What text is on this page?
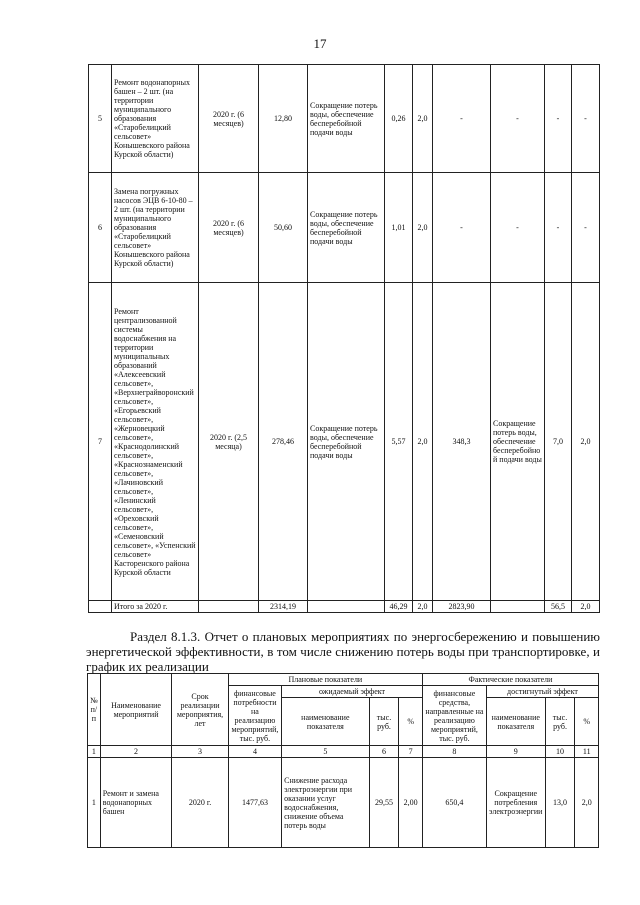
17
5	Ремонт водонапорных башен – 2 шт. (на территории муниципального образования «Старобелицкий сельсовет» Конышевского района Курской области)	2020 г. (6 месяцев)	12,80	Сокращение потерь воды, обеспечение бесперебойной подачи воды	0,26	2,0	-	-	-	-
6	Замена погружных насосов ЭЦВ 6-10-80 – 2 шт. (на территории муниципального образования «Старобелицкий сельсовет» Конышевского района Курской области)	2020 г. (6 месяцев)	50,60	Сокращение потерь воды, обеспечение бесперебойной подачи воды	1,01	2,0	-	-	-	-
7	Ремонт централизованной системы водоснабжения на территории муниципальных образований «Алексеевский сельсовет», «Верхнеграйворонский сельсовет», «Егорьевский сельсовет», «Жерновецкий сельсовет», «Краснодолинский сельсовет», «Краснознаменский сельсовет», «Лачиновский сельсовет», «Ленинский сельсовет», «Ореховский сельсовет», «Семеновский сельсовет», «Успенский сельсовет» Касторенского района Курской области	2020 г. (2,5 месяца)	278,46	Сокращение потерь воды, обеспечение бесперебойной подачи воды	5,57	2,0	348,3	Сокращение потерь воды, обеспечение бесперебойной подачи воды	7,0	2,0
	Итого за 2020 г.		2314,19		46,29	2,0	2823,90		56,5	2,0
Раздел 8.1.3. Отчет о плановых мероприятиях по энергосбережению и повышению энергетической эффективности, в том числе снижению потерь воды при транспортировке, и график их реализации
№ п/п	Наименование мероприятий	Срок реализации мероприятия, лет	Плановые показатели				Фактические показатели			
			финансовые потребности на реализацию мероприятий, тыс. руб.	ожидаемый эффект			финансовые средства, направленные на реализацию мероприятий, тыс. руб.	достигнутый эффект		
				наименование показателя	тыс. руб.	%		наименование показателя	тыс. руб.	%
1	2	3	4	5	6	7	8	9	10	11
1	Ремонт и замена водонапорных башен	2020 г.	1477,63	Снижение расхода электроэнергии при оказании услуг водоснабжения, снижение объема потерь воды	29,55	2,00	650,4	Сокращение потребления электроэнергии	13,0	2,0
